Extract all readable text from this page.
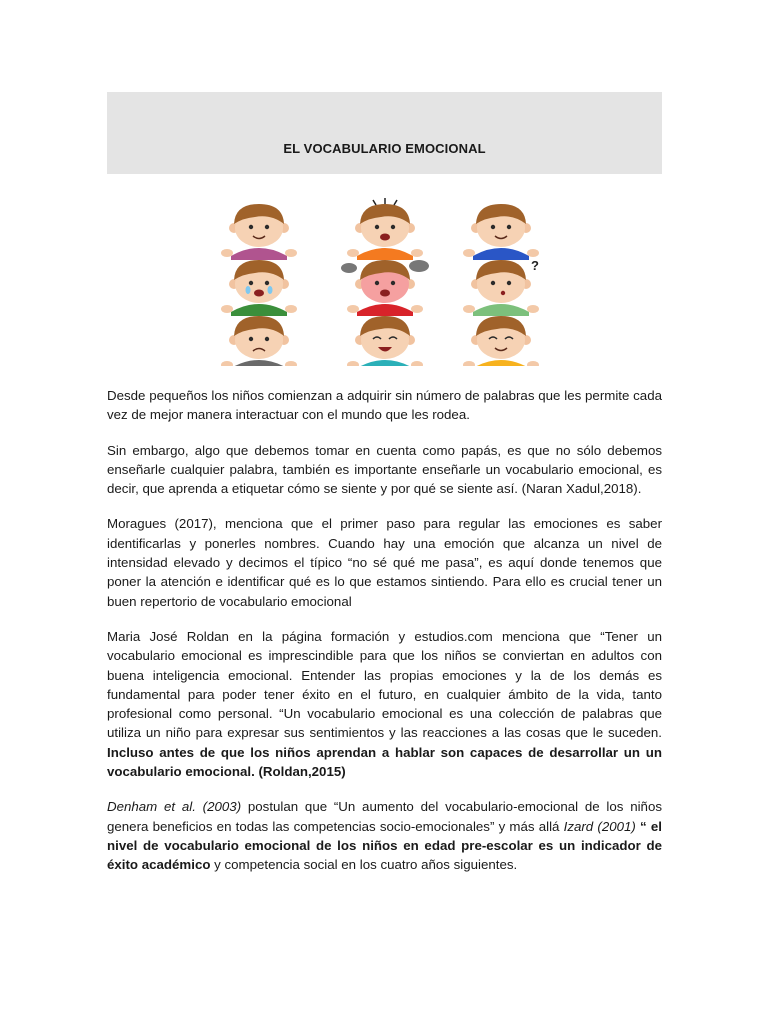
EL VOCABULARIO EMOCIONAL
?

Desde pequeños los niños comienzan a adquirir sin número de palabras que les permite cada vez de mejor manera interactuar con el mundo que les rodea.

Sin embargo, algo que debemos tomar en cuenta como papás, es que no sólo debemos enseñarle cualquier palabra, también es importante enseñarle un vocabulario emocional, es decir, que aprenda a etiquetar cómo se siente y por qué se siente así. (Naran Xadul,2018).

Moragues (2017), menciona que el primer paso para regular las emociones es saber identificarlas y ponerles nombres. Cuando hay una emoción que alcanza un nivel de intensidad elevado y decimos el típico “no sé qué me pasa”, es aquí donde tenemos que poner la atención e identificar qué es lo que estamos sintiendo. Para ello es crucial tener un buen repertorio de vocabulario emocional

Maria José Roldan en la página formación y estudios.com menciona que “Tener un vocabulario emocional es imprescindible para que los niños se conviertan en adultos con buena inteligencia emocional. Entender las propias emociones y la de los demás es fundamental para poder tener éxito en el futuro, en cualquier ámbito de la vida, tanto profesional como personal. “Un vocabulario emocional es una colección de palabras que utiliza un niño para expresar sus sentimientos y las reacciones a las cosas que le suceden. Incluso antes de que los niños aprendan a hablar son capaces de desarrollar un un vocabulario emocional. (Roldan,2015)

Denham et al. (2003) postulan que “Un aumento del vocabulario-emocional de los niños genera beneficios en todas las competencias socio-emocionales” y más allá Izard (2001) “ el nivel de vocabulario emocional de los niños en edad pre-escolar es un indicador de éxito académico y competencia social en los cuatro años siguientes.
